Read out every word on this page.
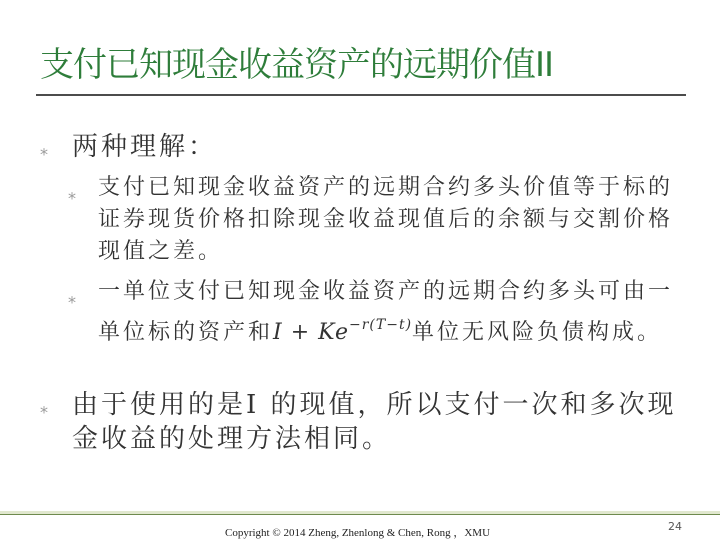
支付已知现金收益资产的远期价值II
⁎ 两种理解：
⁎ 支付已知现金收益资产的远期合约多头价值等于标的
证券现货价格扣除现金收益现值后的余额与交割价格
现值之差。
⁎ 一单位支付已知现金收益资产的远期合约多头可由一
单位标的资产和$I + Ke^{-r(T-t)}$单位无风险负债构成。
⁎ 由于使用的是I 的现值，所以支付一次和多次现
金收益的处理方法相同。
Copyright © 2014 Zheng, Zhenlong & Chen, Rong ，XMU	24
